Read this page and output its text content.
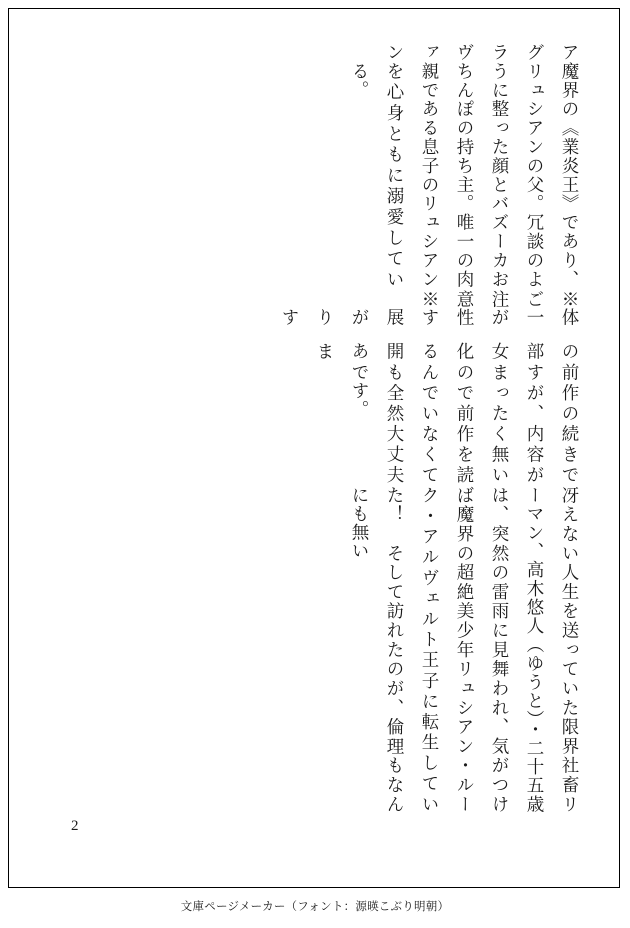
アグラヴァン

魔界の《業炎王》であり、リュシアンの父。冗談のように整った顔とバズーカおちんぽの持ち主。唯一の肉親である息子のリュシアンを心身ともに溺愛している。

※ご注意※

体の一部が女性化する展開があります

前作の続きですが、内容がまったく無いので前作を読んでいなくても全然大丈夫です。

冴えない人生を送っていた限界社畜リーマン、高木悠人（ゆうと）・二十五歳は、突然の雷雨に見舞われ、気がつけば魔界の超絶美少年リュシアン・ルーク・アルヴェルト王子に転生していた！　そして訪れたのが、倫理もなんにも無い

2
文庫ページメーカー（フォント：源暎こぶり明朝）
